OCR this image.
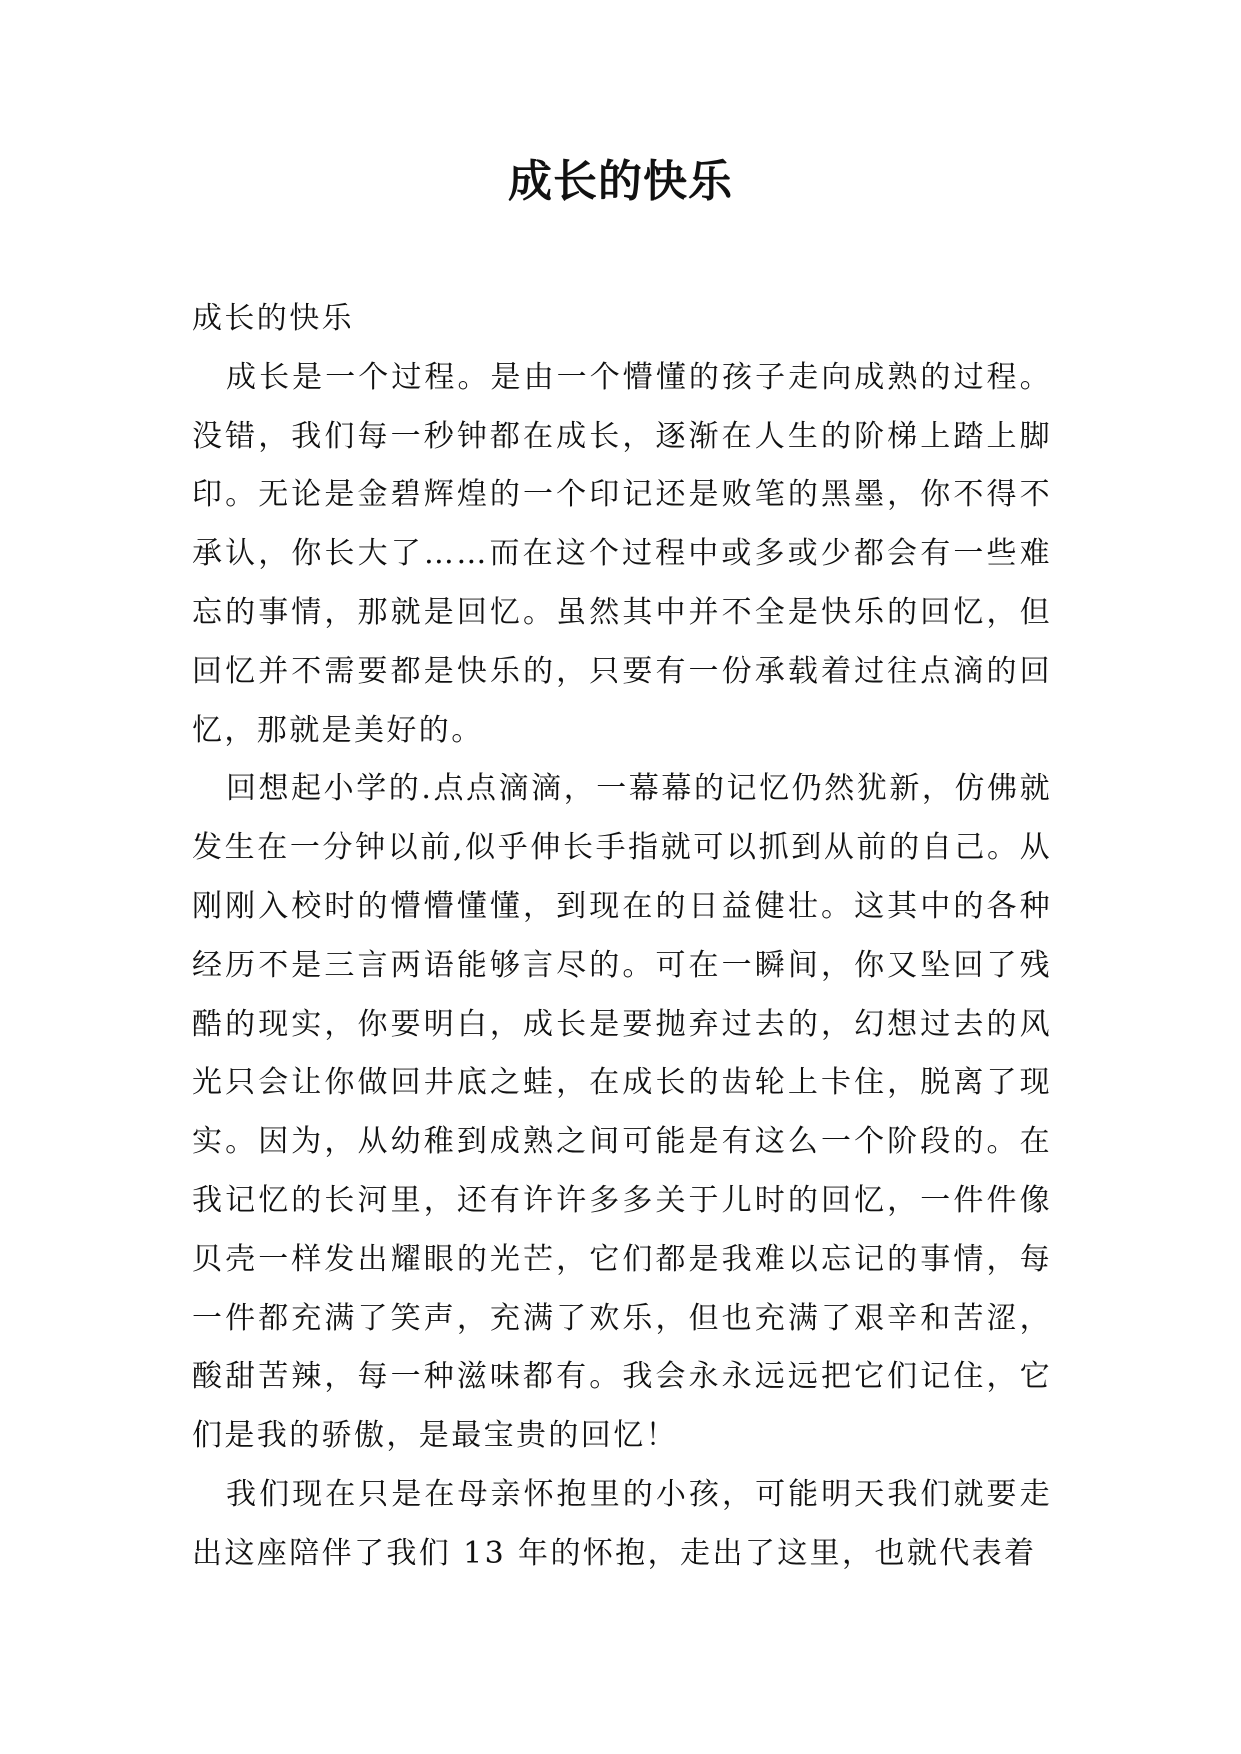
成长的快乐

成长的快乐

成长是一个过程。是由一个懵懂的孩子走向成熟的过程。没错，我们每一秒钟都在成长，逐渐在人生的阶梯上踏上脚印。无论是金碧辉煌的一个印记还是败笔的黑墨，你不得不承认，你长大了……而在这个过程中或多或少都会有一些难忘的事情，那就是回忆。虽然其中并不全是快乐的回忆，但回忆并不需要都是快乐的，只要有一份承载着过往点滴的回忆，那就是美好的。

回想起小学的.点点滴滴，一幕幕的记忆仍然犹新，仿佛就发生在一分钟以前,似乎伸长手指就可以抓到从前的自己。从刚刚入校时的懵懵懂懂，到现在的日益健壮。这其中的各种经历不是三言两语能够言尽的。可在一瞬间，你又坠回了残酷的现实，你要明白，成长是要抛弃过去的，幻想过去的风光只会让你做回井底之蛙，在成长的齿轮上卡住，脱离了现实。因为，从幼稚到成熟之间可能是有这么一个阶段的。在我记忆的长河里，还有许许多多关于儿时的回忆，一件件像贝壳一样发出耀眼的光芒，它们都是我难以忘记的事情，每一件都充满了笑声，充满了欢乐，但也充满了艰辛和苦涩，酸甜苦辣，每一种滋味都有。我会永永远远把它们记住，它们是我的骄傲，是最宝贵的回忆！

我们现在只是在母亲怀抱里的小孩，可能明天我们就要走出这座陪伴了我们 13 年的怀抱，走出了这里，也就代表着
